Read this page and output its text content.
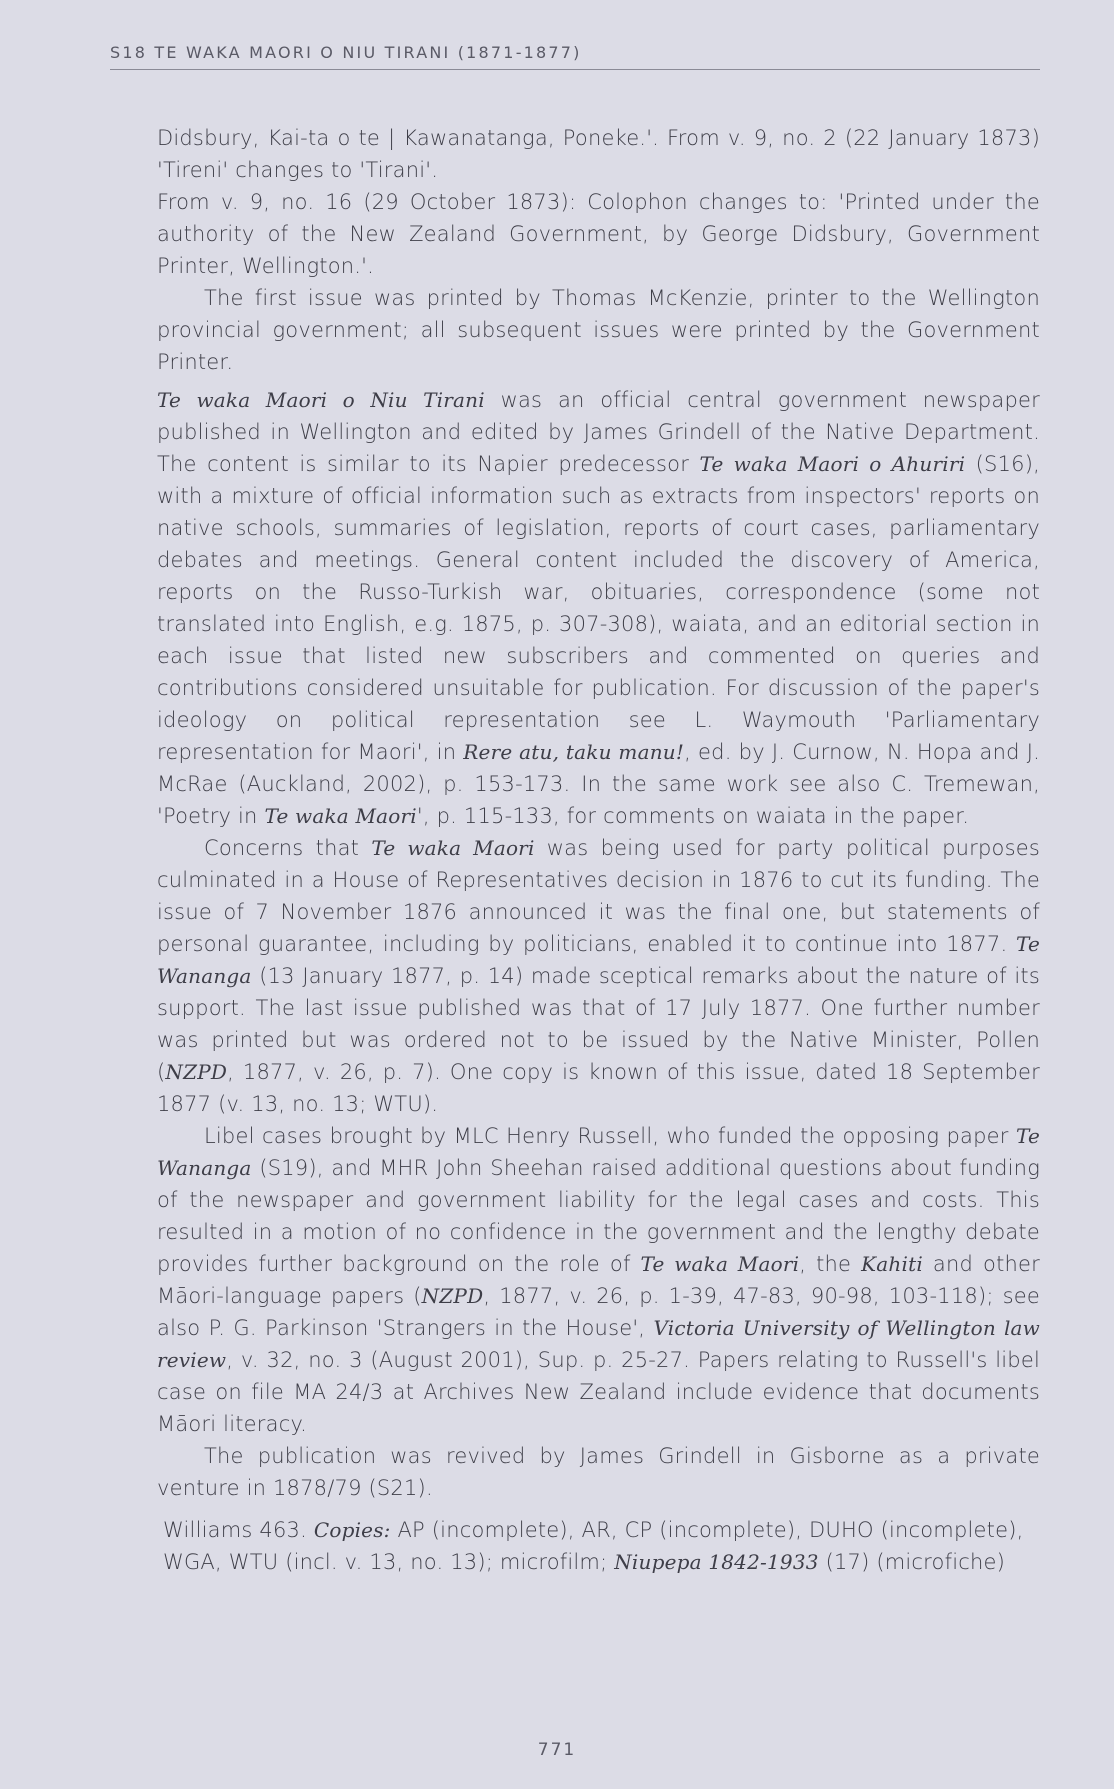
S18 TE WAKA MAORI O NIU TIRANI (1871-1877)

Didsbury, Kai-ta o te | Kawanatanga, Poneke.'. From v. 9, no. 2 (22 January 1873) 'Tireni' changes to 'Tirani'.

From v. 9, no. 16 (29 October 1873): Colophon changes to: 'Printed under the authority of the New Zealand Government, by George Didsbury, Government Printer, Wellington.'.

The first issue was printed by Thomas McKenzie, printer to the Wellington provincial government; all subsequent issues were printed by the Government Printer.

Te waka Maori o Niu Tirani was an official central government newspaper published in Wellington and edited by James Grindell of the Native Department. The content is similar to its Napier predecessor Te waka Maori o Ahuriri (S16), with a mixture of official information such as extracts from inspectors' reports on native schools, summaries of legislation, reports of court cases, parliamentary debates and meetings. General content included the discovery of America, reports on the Russo-Turkish war, obituaries, correspondence (some not translated into English, e.g. 1875, p. 307-308), waiata, and an editorial section in each issue that listed new subscribers and commented on queries and contributions considered unsuitable for publication. For discussion of the paper's ideology on political representation see L. Waymouth 'Parliamentary representation for Maori', in Rere atu, taku manu!, ed. by J. Curnow, N. Hopa and J. McRae (Auckland, 2002), p. 153-173. In the same work see also C. Tremewan, 'Poetry in Te waka Maori', p. 115-133, for comments on waiata in the paper.

Concerns that Te waka Maori was being used for party political purposes culminated in a House of Representatives decision in 1876 to cut its funding. The issue of 7 November 1876 announced it was the final one, but statements of personal guarantee, including by politicians, enabled it to continue into 1877. Te Wananga (13 January 1877, p. 14) made sceptical remarks about the nature of its support. The last issue published was that of 17 July 1877. One further number was printed but was ordered not to be issued by the Native Minister, Pollen (NZPD, 1877, v. 26, p. 7). One copy is known of this issue, dated 18 September 1877 (v. 13, no. 13; WTU).

Libel cases brought by MLC Henry Russell, who funded the opposing paper Te Wananga (S19), and MHR John Sheehan raised additional questions about funding of the newspaper and government liability for the legal cases and costs. This resulted in a motion of no confidence in the government and the lengthy debate provides further background on the role of Te waka Maori, the Kahiti and other Māori-language papers (NZPD, 1877, v. 26, p. 1-39, 47-83, 90-98, 103-118); see also P. G. Parkinson 'Strangers in the House', Victoria University of Wellington law review, v. 32, no. 3 (August 2001), Sup. p. 25-27. Papers relating to Russell's libel case on file MA 24/3 at Archives New Zealand include evidence that documents Māori literacy.

The publication was revived by James Grindell in Gisborne as a private venture in 1878/79 (S21).

Williams 463. Copies: AP (incomplete), AR, CP (incomplete), DUHO (incomplete), WGA, WTU (incl. v. 13, no. 13); microfilm; Niupepa 1842-1933 (17) (microfiche)

771
